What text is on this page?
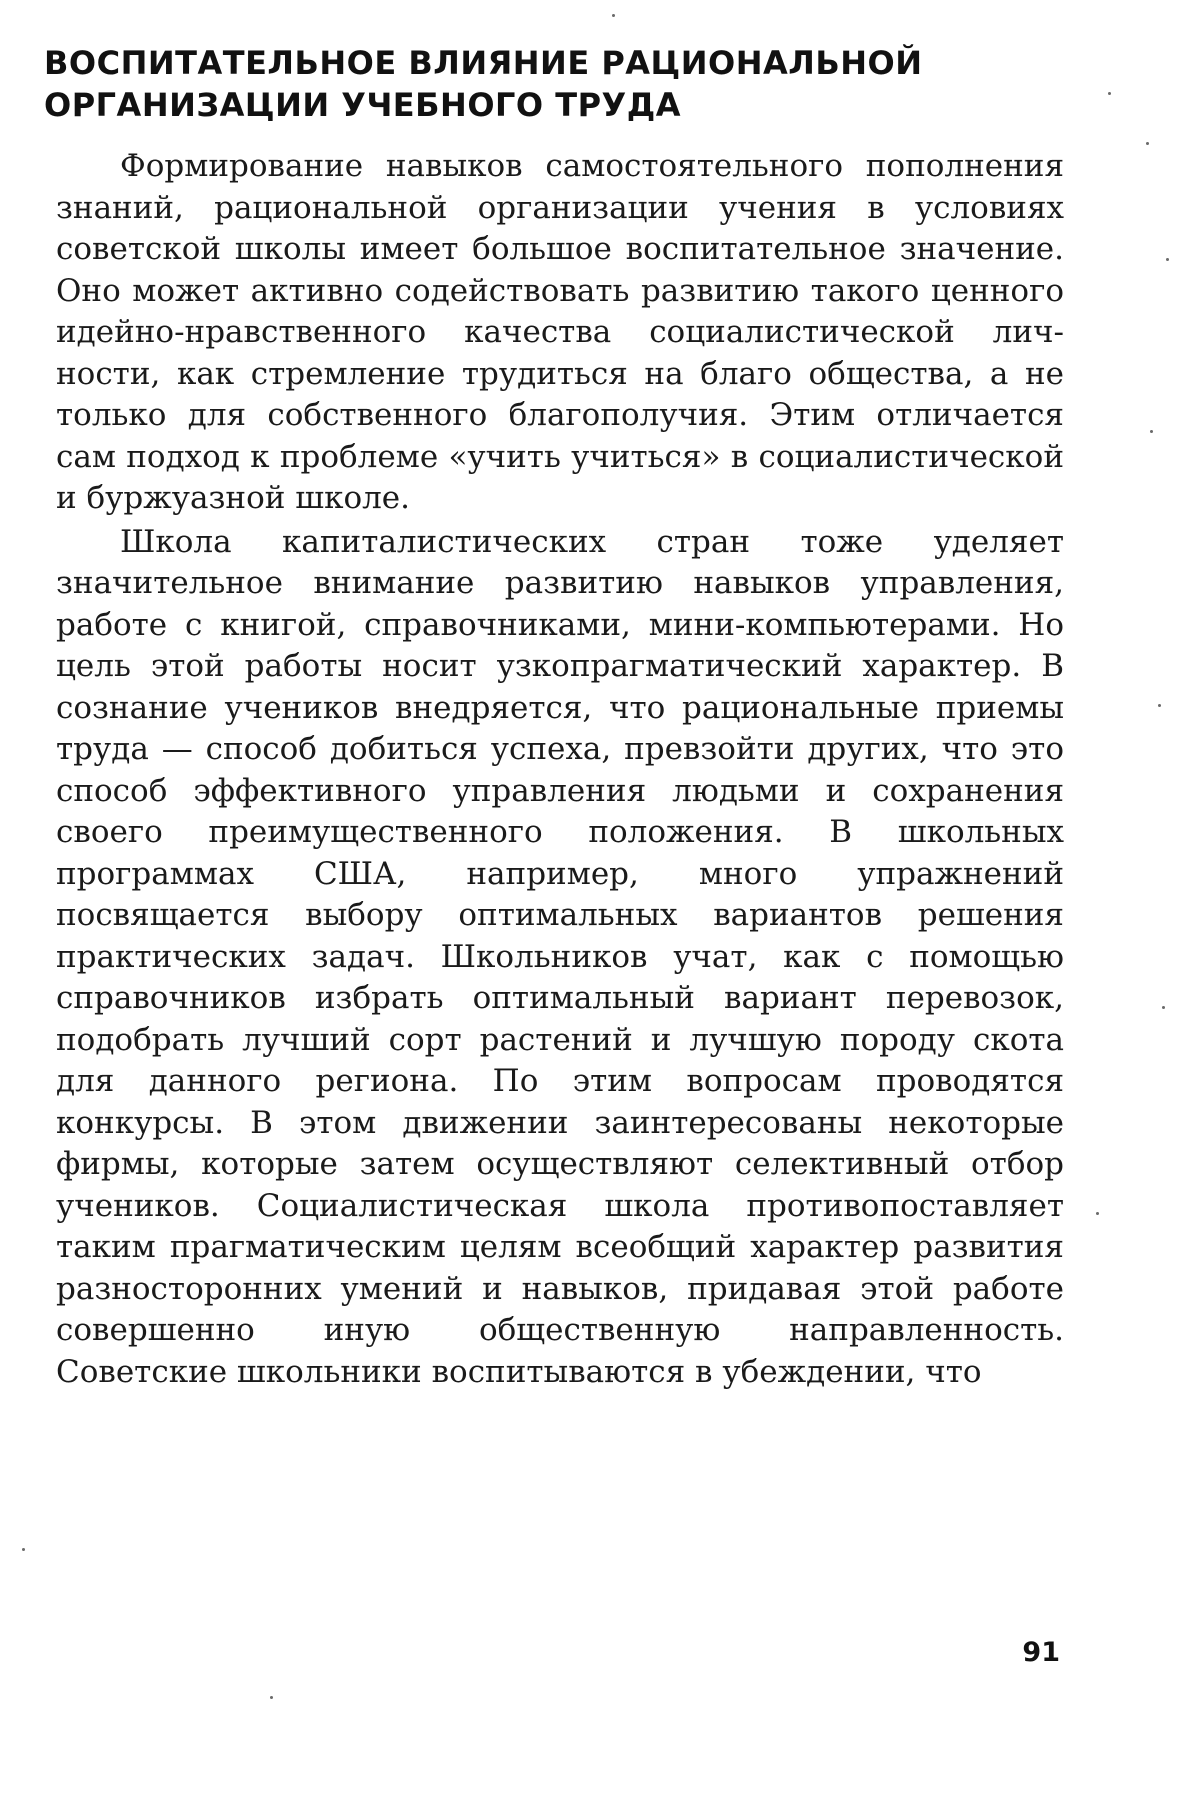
ВОСПИТАТЕЛЬНОЕ ВЛИЯНИЕ РАЦИОНАЛЬНОЙ
ОРГАНИЗАЦИИ УЧЕБНОГО ТРУДА

Формирование навыков самостоятельного пополнения знаний, рациональной организации учения в условиях советской школы имеет большое воспитательное значение. Оно может активно содействовать развитию такого ценного идейно-нравственного качества социалистической личности, как стремление трудиться на благо общества, а не только для собственного благополучия. Этим отличается сам подход к проблеме «учить учиться» в социалистической и буржуазной школе.

Школа капиталистических стран тоже уделяет значительное внимание развитию навыков управления, работе с книгой, справочниками, мини-компьютерами. Но цель этой работы носит узкопрагматический характер. В сознание учеников внедряется, что рациональные приемы труда — способ добиться успеха, превзойти других, что это способ эффективного управления людьми и сохранения своего преимущественного положения. В школьных программах США, например, много упражнений посвящается выбору оптимальных вариантов решения практических задач. Школьников учат, как с помощью справочников избрать оптимальный вариант перевозок, подобрать лучший сорт растений и лучшую породу скота для данного региона. По этим вопросам проводятся конкурсы. В этом движении заинтересованы некоторые фирмы, которые затем осуществляют селективный отбор учеников. Социалистическая школа противопоставляет таким прагматическим целям всеобщий характер развития разносторонних умений и навыков, придавая этой работе совершенно иную общественную направленность. Советские школьники воспитываются в убеждении, что

91
